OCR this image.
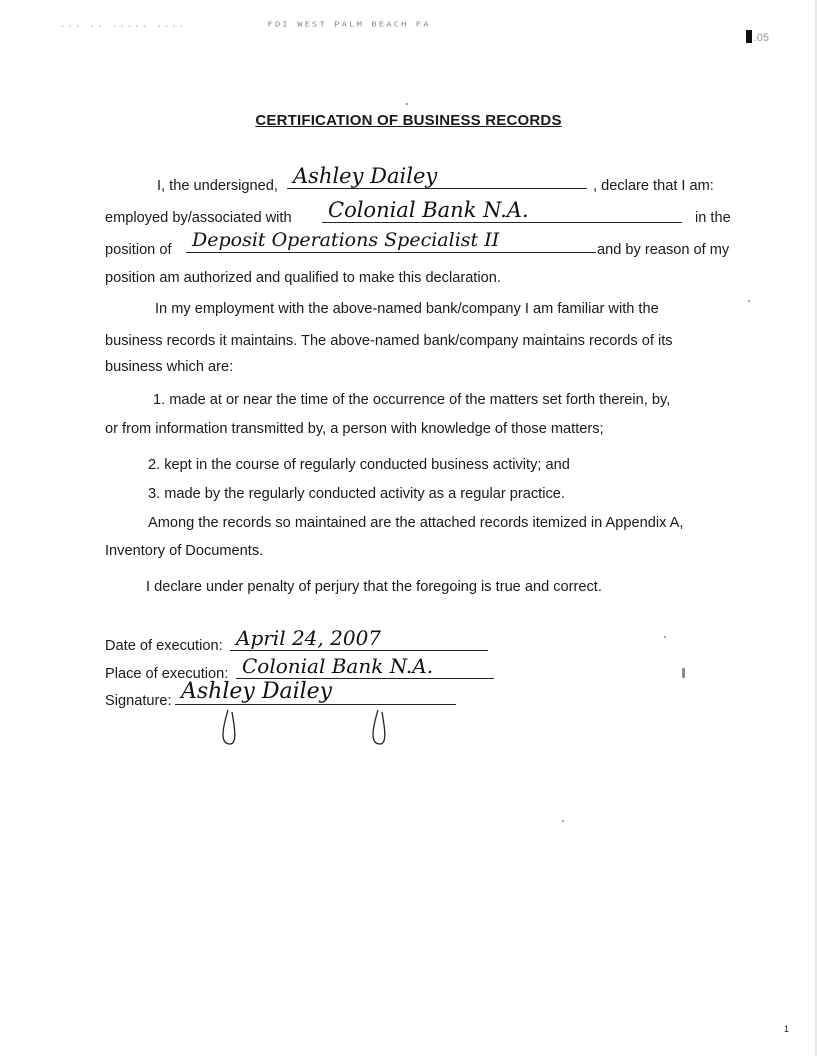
... .. ..... ....	FDI WEST PALM BEACH FA
.05
CERTIFICATION OF BUSINESS RECORDS
I, the undersigned, Ashley Dailey	, declare that I am:
employed by/associated with Colonial Bank N.A.	in the
position of	Deposit Operations Specialist II	and by reason of my
position am authorized and qualified to make this declaration.
In my employment with the above-named bank/company I am familiar with the
business records it maintains. The above-named bank/company maintains records of its
business which are:
1. made at or near the time of the occurrence of the matters set forth therein, by,
or from information transmitted by, a person with knowledge of those matters;
2. kept in the course of regularly conducted business activity; and
3. made by the regularly conducted activity as a regular practice.
Among the records so maintained are the attached records itemized in Appendix A,
Inventory of Documents.
I declare under penalty of perjury that the foregoing is true and correct.
Date of execution: April 24, 2007
Place of execution: Colonial Bank N.A.
Signature: Ashley Dailey
1
